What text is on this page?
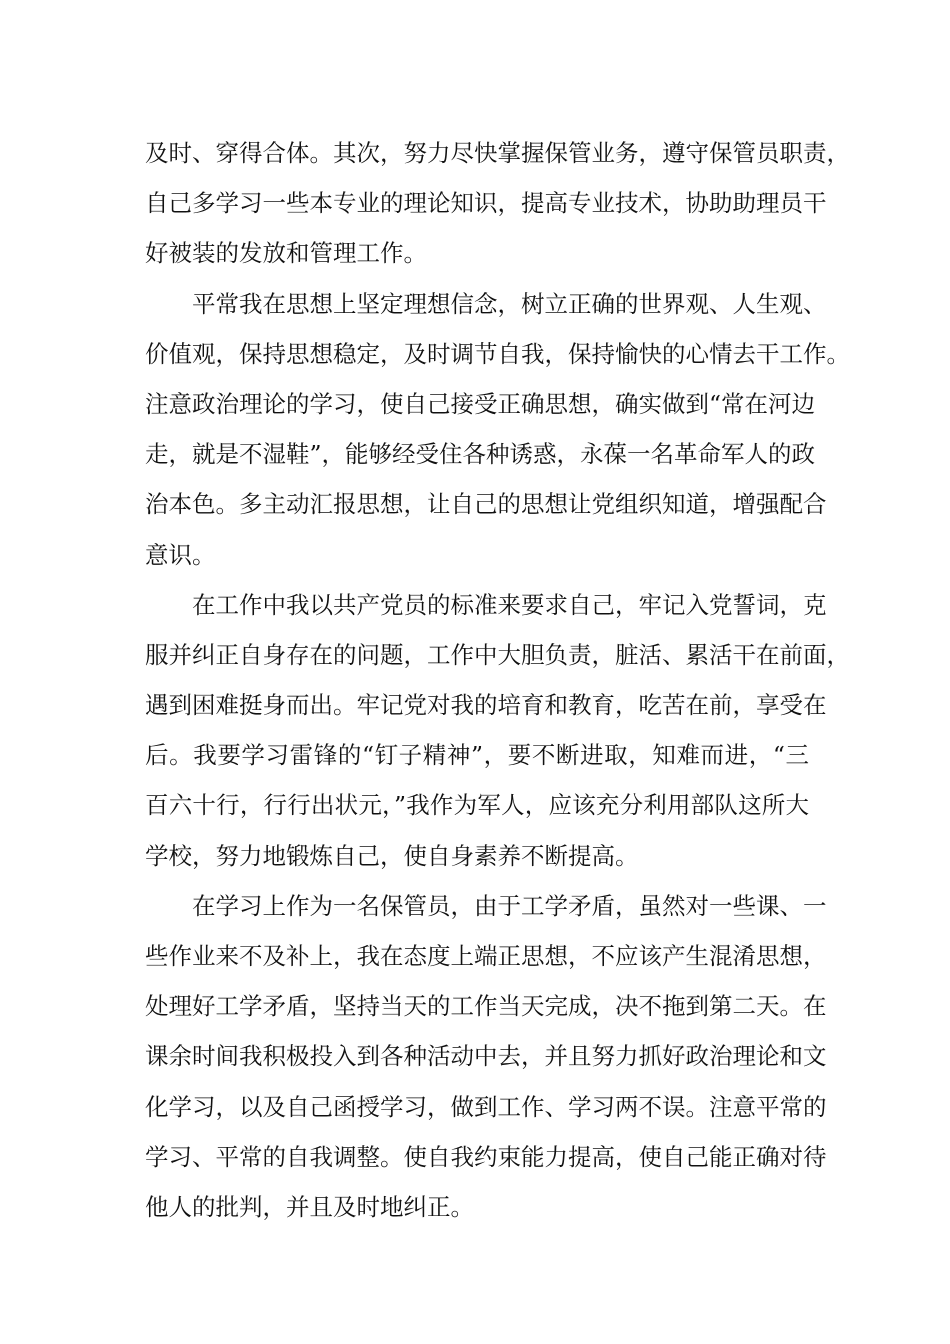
及时、穿得合体。其次，努力尽快掌握保管业务，遵守保管员职责，
自己多学习一些本专业的理论知识，提高专业技术，协助助理员干
好被装的发放和管理工作。
平常我在思想上坚定理想信念，树立正确的世界观、人生观、
价值观，保持思想稳定，及时调节自我，保持愉快的心情去干工作。
注意政治理论的学习，使自己接受正确思想，确实做到“常在河边
走，就是不湿鞋”，能够经受住各种诱惑，永葆一名革命军人的政
治本色。多主动汇报思想，让自己的思想让党组织知道，增强配合
意识。
在工作中我以共产党员的标准来要求自己，牢记入党誓词，克
服并纠正自身存在的问题，工作中大胆负责，脏活、累活干在前面，
遇到困难挺身而出。牢记党对我的培育和教育，吃苦在前，享受在
后。我要学习雷锋的“钉子精神”，要不断进取，知难而进，“三
百六十行，行行出状元，”我作为军人，应该充分利用部队这所大
学校，努力地锻炼自己，使自身素养不断提高。
在学习上作为一名保管员，由于工学矛盾，虽然对一些课、一
些作业来不及补上，我在态度上端正思想，不应该产生混淆思想，
处理好工学矛盾，坚持当天的工作当天完成，决不拖到第二天。在
课余时间我积极投入到各种活动中去，并且努力抓好政治理论和文
化学习，以及自己函授学习，做到工作、学习两不误。注意平常的
学习、平常的自我调整。使自我约束能力提高，使自己能正确对待
他人的批判，并且及时地纠正。
